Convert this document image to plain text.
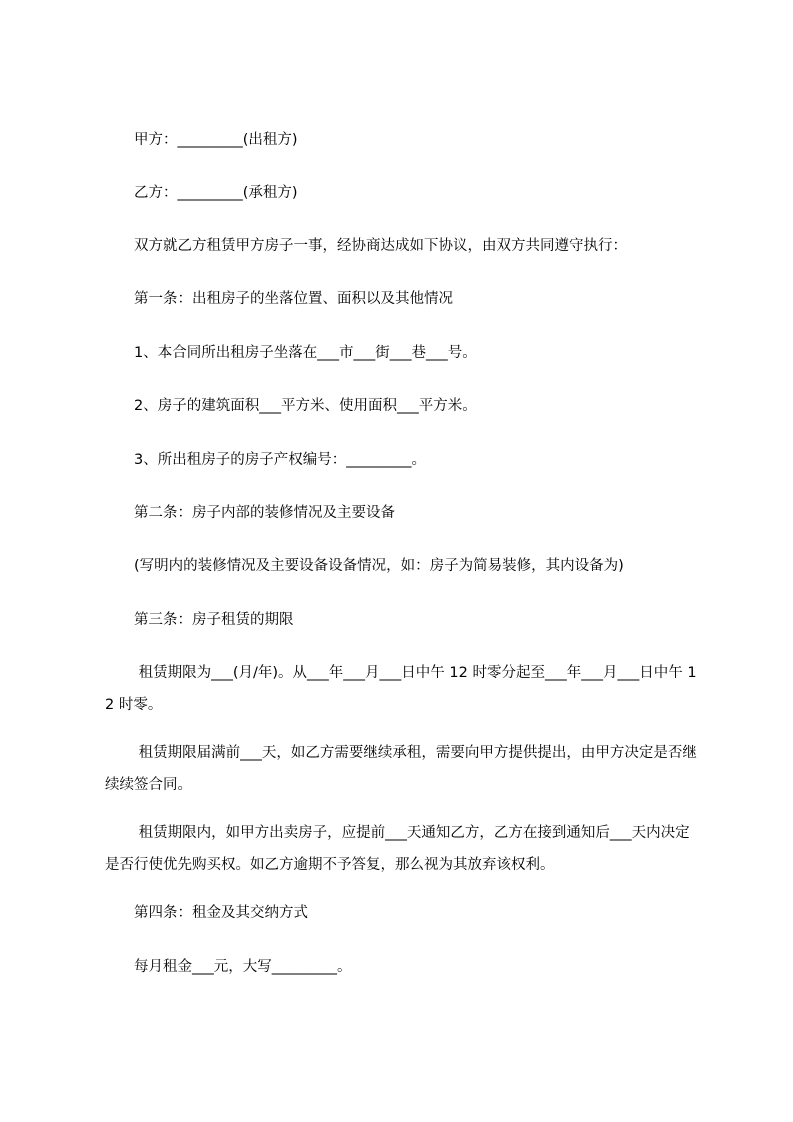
　　甲方：_________(出租方)

　　乙方：_________(承租方)

　　双方就乙方租赁甲方房子一事，经协商达成如下协议，由双方共同遵守执行：

　　第一条：出租房子的坐落位置、面积以及其他情况

　　1、本合同所出租房子坐落在___市___街___巷___号。

　　2、房子的建筑面积___平方米、使用面积___平方米。

　　3、所出租房子的房子产权编号：_________。

　　第二条：房子内部的装修情况及主要设备

　　(写明内的装修情况及主要设备设备情况，如：房子为简易装修，其内设备为)

　　第三条：房子租赁的期限

　　 租赁期限为___(月/年)。从___年___月___日中午 12 时零分起至___年___月___日中午 12 时零。

　　 租赁期限届满前___天，如乙方需要继续承租，需要向甲方提供提出，由甲方决定是否继续续签合同。

　　 租赁期限内，如甲方出卖房子，应提前___天通知乙方，乙方在接到通知后___天内决定是否行使优先购买权。如乙方逾期不予答复，那么视为其放弃该权利。

　　第四条：租金及其交纳方式

　　每月租金___元，大写_________。
